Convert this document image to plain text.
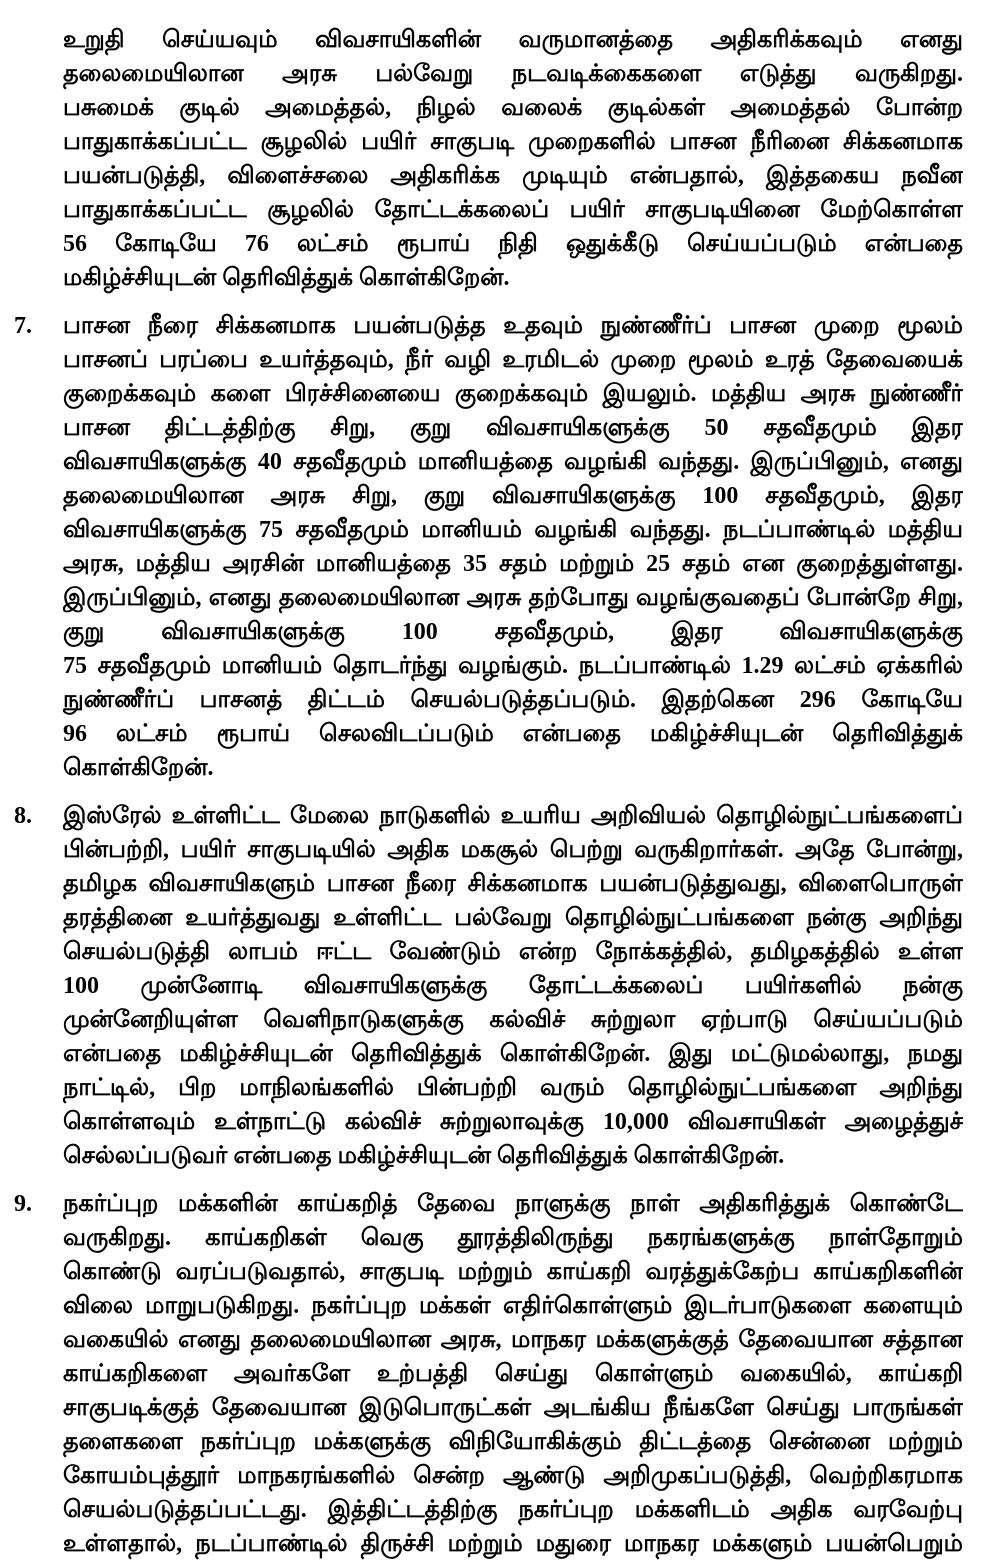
உறுதி செய்யவும் விவசாயிகளின் வருமானத்தை அதிகரிக்கவும் எனது
தலைமையிலான அரசு பல்வேறு நடவடிக்கைகளை எடுத்து வருகிறது.
பசுமைக் குடில் அமைத்தல், நிழல் வலைக் குடில்கள் அமைத்தல் போன்ற
பாதுகாக்கப்பட்ட சூழலில் பயிர் சாகுபடி முறைகளில் பாசன நீரினை சிக்கனமாக
பயன்படுத்தி, விளைச்சலை அதிகரிக்க முடியும் என்பதால், இத்தகைய நவீன
பாதுகாக்கப்பட்ட சூழலில் தோட்டக்கலைப் பயிர் சாகுபடியினை மேற்கொள்ள
56 கோடியே 76 லட்சம் ரூபாய் நிதி ஒதுக்கீடு செய்யப்படும் என்பதை
மகிழ்ச்சியுடன் தெரிவித்துக் கொள்கிறேன்.
7.	பாசன நீரை சிக்கனமாக பயன்படுத்த உதவும் நுண்ணீர்ப் பாசன முறை மூலம்
பாசனப் பரப்பை உயர்த்தவும், நீர் வழி உரமிடல் முறை மூலம் உரத் தேவையைக்
குறைக்கவும் களை பிரச்சினையை குறைக்கவும் இயலும். மத்திய அரசு நுண்ணீர்
பாசன திட்டத்திற்கு சிறு, குறு விவசாயிகளுக்கு 50 சதவீதமும் இதர
விவசாயிகளுக்கு 40 சதவீதமும் மானியத்தை வழங்கி வந்தது. இருப்பினும், எனது
தலைமையிலான அரசு சிறு, குறு விவசாயிகளுக்கு 100 சதவீதமும், இதர
விவசாயிகளுக்கு 75 சதவீதமும் மானியம் வழங்கி வந்தது. நடப்பாண்டில் மத்திய
அரசு, மத்திய அரசின் மானியத்தை 35 சதம் மற்றும் 25 சதம் என குறைத்துள்ளது.
இருப்பினும், எனது தலைமையிலான அரசு தற்போது வழங்குவதைப் போன்றே சிறு,
குறு விவசாயிகளுக்கு 100 சதவீதமும், இதர விவசாயிகளுக்கு
75 சதவீதமும் மானியம் தொடர்ந்து வழங்கும். நடப்பாண்டில் 1.29 லட்சம் ஏக்கரில்
நுண்ணீர்ப் பாசனத் திட்டம் செயல்படுத்தப்படும். இதற்கென 296 கோடியே
96 லட்சம் ரூபாய் செலவிடப்படும் என்பதை மகிழ்ச்சியுடன் தெரிவித்துக்
கொள்கிறேன்.
8.	இஸ்ரேல் உள்ளிட்ட மேலை நாடுகளில் உயரிய அறிவியல் தொழில்நுட்பங்களைப்
பின்பற்றி, பயிர் சாகுபடியில் அதிக மகசூல் பெற்று வருகிறார்கள். அதே போன்று,
தமிழக விவசாயிகளும் பாசன நீரை சிக்கனமாக பயன்படுத்துவது, விளைபொருள்
தரத்தினை உயர்த்துவது உள்ளிட்ட பல்வேறு தொழில்நுட்பங்களை நன்கு அறிந்து
செயல்படுத்தி லாபம் ஈட்ட வேண்டும் என்ற நோக்கத்தில், தமிழகத்தில் உள்ள
100 முன்னோடி விவசாயிகளுக்கு தோட்டக்கலைப் பயிர்களில் நன்கு
முன்னேறியுள்ள வெளிநாடுகளுக்கு கல்விச் சுற்றுலா ஏற்பாடு செய்யப்படும்
என்பதை மகிழ்ச்சியுடன் தெரிவித்துக் கொள்கிறேன். இது மட்டுமல்லாது, நமது
நாட்டில், பிற மாநிலங்களில் பின்பற்றி வரும் தொழில்நுட்பங்களை அறிந்து
கொள்ளவும் உள்நாட்டு கல்விச் சுற்றுலாவுக்கு 10,000 விவசாயிகள் அழைத்துச்
செல்லப்படுவர் என்பதை மகிழ்ச்சியுடன் தெரிவித்துக் கொள்கிறேன்.
9.	நகர்ப்புற மக்களின் காய்கறித் தேவை நாளுக்கு நாள் அதிகரித்துக் கொண்டே
வருகிறது. காய்கறிகள் வெகு தூரத்திலிருந்து நகரங்களுக்கு நாள்தோறும்
கொண்டு வரப்படுவதால், சாகுபடி மற்றும் காய்கறி வரத்துக்கேற்ப காய்கறிகளின்
விலை மாறுபடுகிறது. நகர்ப்புற மக்கள் எதிர்கொள்ளும் இடர்பாடுகளை களையும்
வகையில் எனது தலைமையிலான அரசு, மாநகர மக்களுக்குத் தேவையான சத்தான
காய்கறிகளை அவர்களே உற்பத்தி செய்து கொள்ளும் வகையில், காய்கறி
சாகுபடிக்குத் தேவையான இடுபொருட்கள் அடங்கிய நீங்களே செய்து பாருங்கள்
தளைகளை நகர்ப்புற மக்களுக்கு விநியோகிக்கும் திட்டத்தை சென்னை மற்றும்
கோயம்புத்தூர் மாநகரங்களில் சென்ற ஆண்டு அறிமுகப்படுத்தி, வெற்றிகரமாக
செயல்படுத்தப்பட்டது. இத்திட்டத்திற்கு நகர்ப்புற மக்களிடம் அதிக வரவேற்பு
உள்ளதால், நடப்பாண்டில் திருச்சி மற்றும் மதுரை மாநகர மக்களும் பயன்பெறும்
